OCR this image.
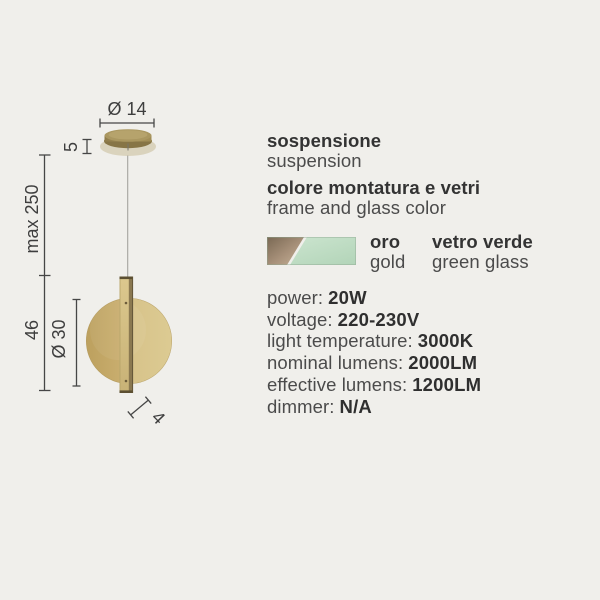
Ø 14
5
max 250
46 Ø 30
4
sospensione
suspension
colore montatura e vetri
frame and glass color
oro
gold
vetro verde
green glass
power: 20W
voltage: 220-230V
light temperature: 3000K
nominal lumens: 2000LM
effective lumens: 1200LM
dimmer: N/A
